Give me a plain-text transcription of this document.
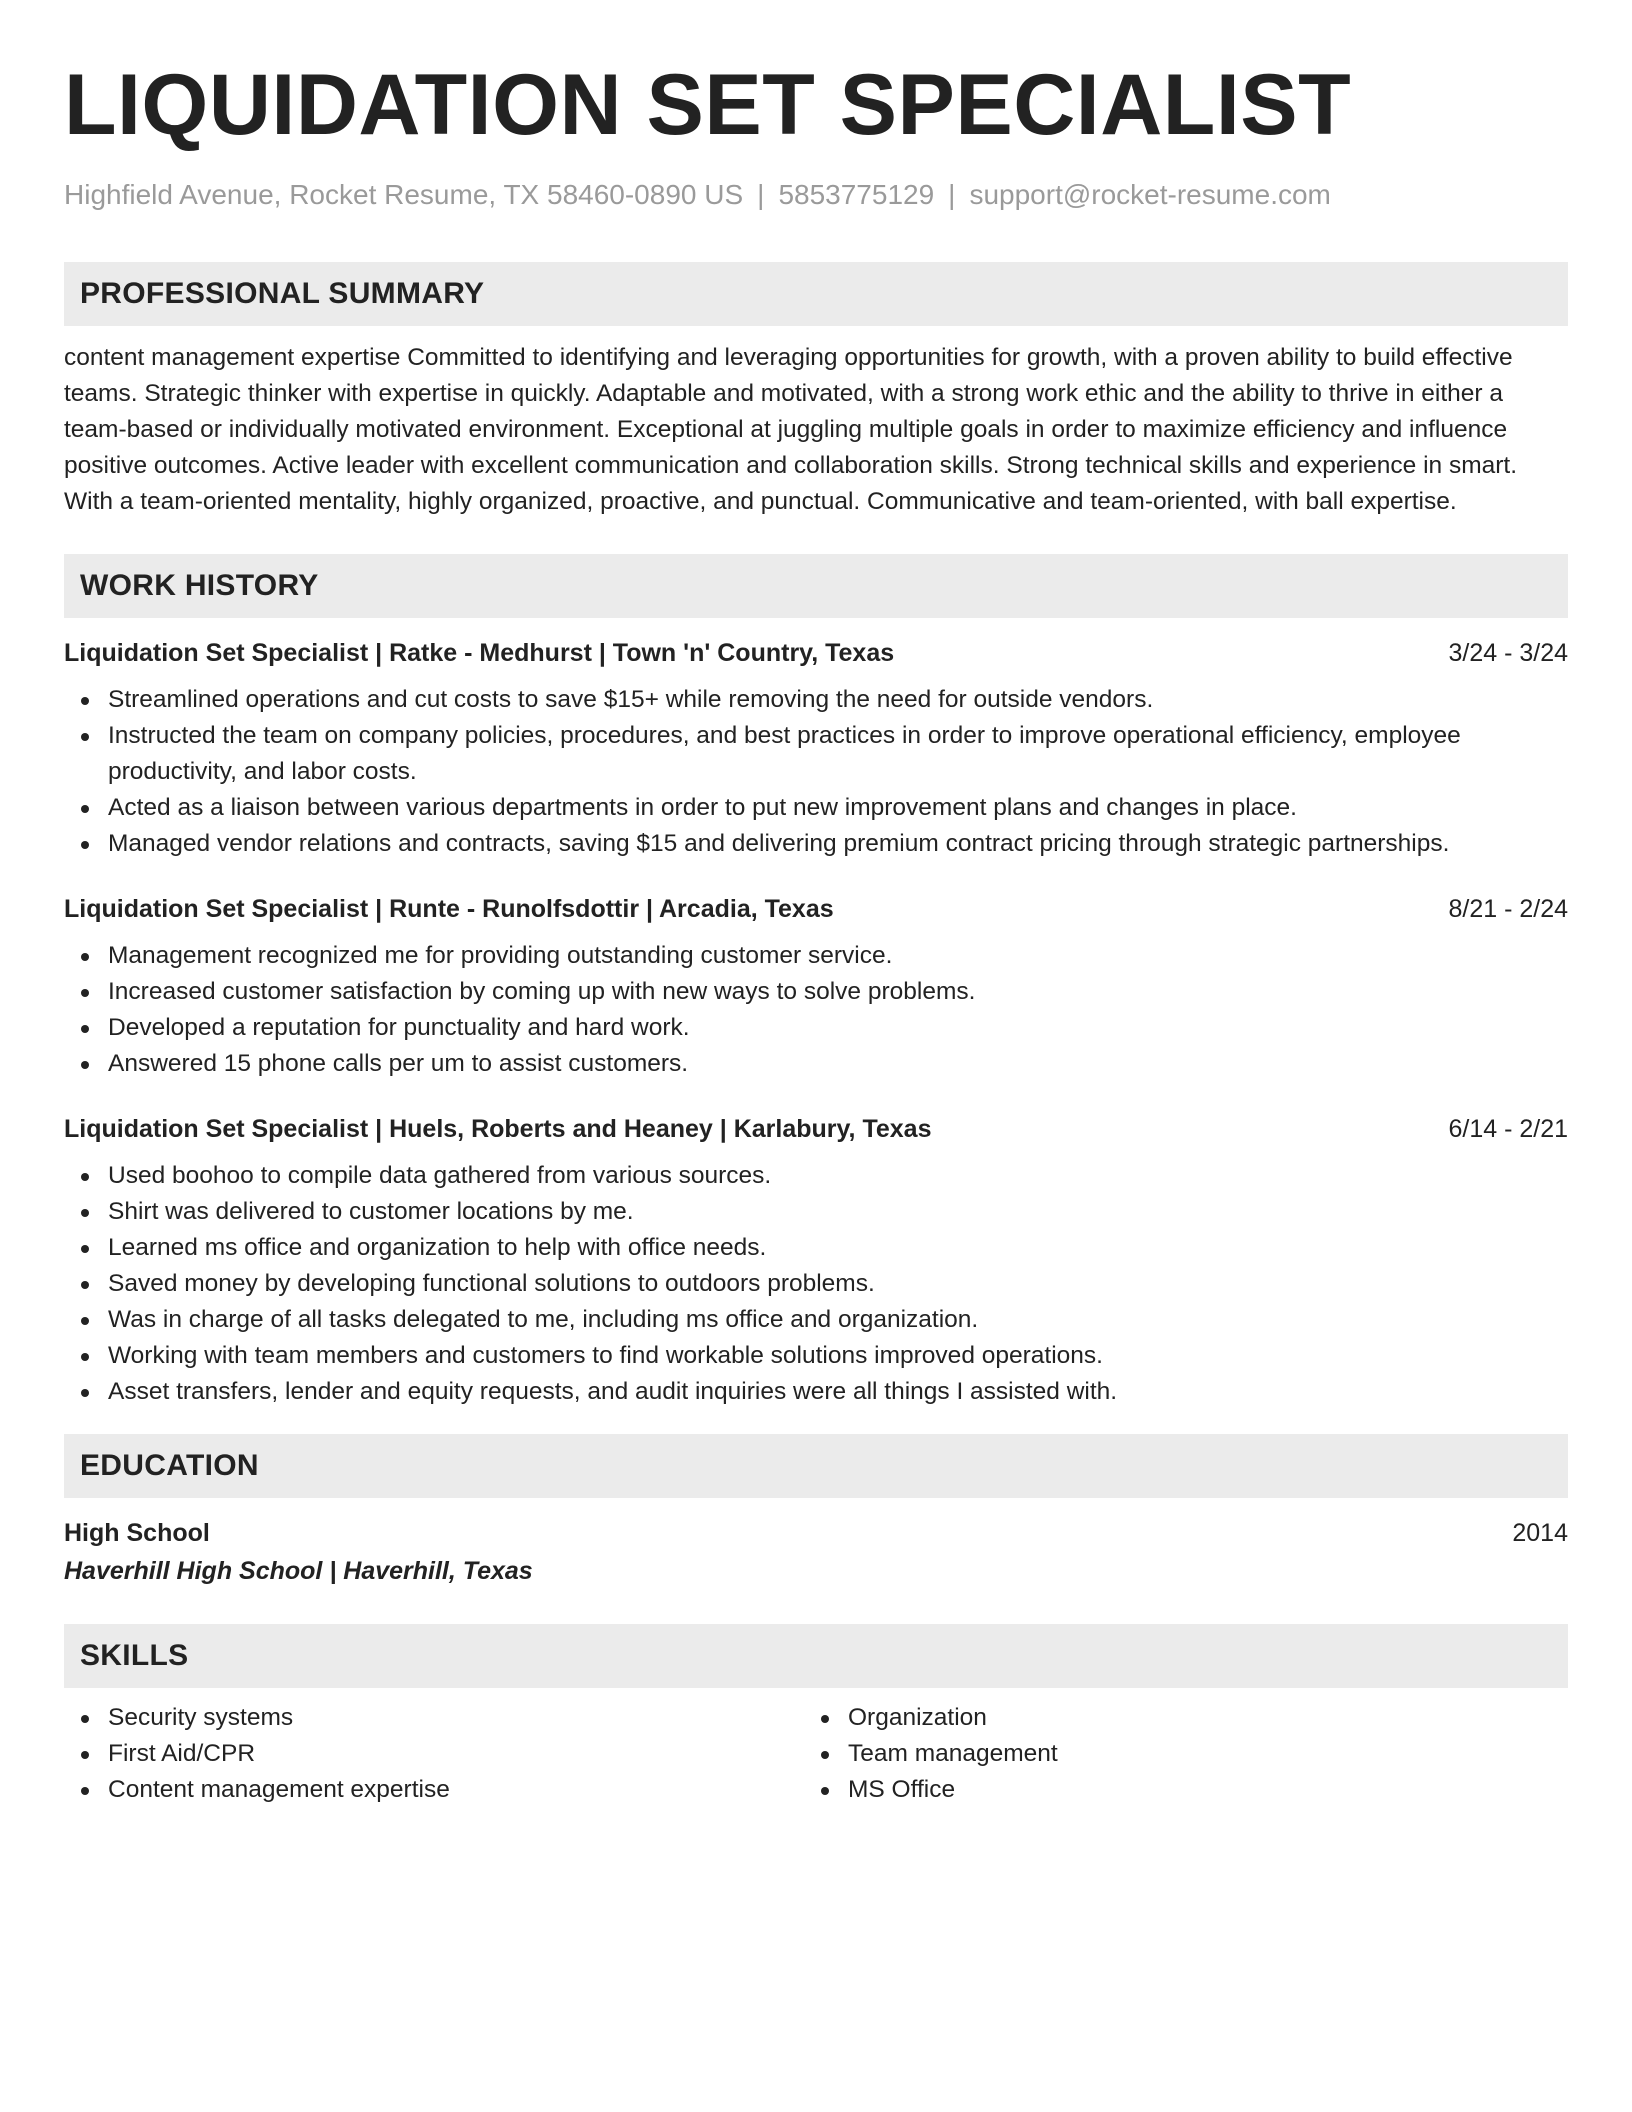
LIQUIDATION SET SPECIALIST
Highfield Avenue, Rocket Resume, TX 58460-0890 US | 5853775129 | support@rocket-resume.com
PROFESSIONAL SUMMARY

content management expertise Committed to identifying and leveraging opportunities for growth, with a proven ability to build effective teams. Strategic thinker with expertise in quickly. Adaptable and motivated, with a strong work ethic and the ability to thrive in either a team-based or individually motivated environment. Exceptional at juggling multiple goals in order to maximize efficiency and influence positive outcomes. Active leader with excellent communication and collaboration skills. Strong technical skills and experience in smart. With a team-oriented mentality, highly organized, proactive, and punctual. Communicative and team-oriented, with ball expertise.

WORK HISTORY
Liquidation Set Specialist | Ratke - Medhurst | Town 'n' Country, Texas	3/24 - 3/24
Streamlined operations and cut costs to save $15+ while removing the need for outside vendors.
Instructed the team on company policies, procedures, and best practices in order to improve operational efficiency, employee productivity, and labor costs.
Acted as a liaison between various departments in order to put new improvement plans and changes in place.
Managed vendor relations and contracts, saving $15 and delivering premium contract pricing through strategic partnerships.
Liquidation Set Specialist | Runte - Runolfsdottir | Arcadia, Texas	8/21 - 2/24
Management recognized me for providing outstanding customer service.
Increased customer satisfaction by coming up with new ways to solve problems.
Developed a reputation for punctuality and hard work.
Answered 15 phone calls per um to assist customers.
Liquidation Set Specialist | Huels, Roberts and Heaney | Karlabury, Texas	6/14 - 2/21
Used boohoo to compile data gathered from various sources.
Shirt was delivered to customer locations by me.
Learned ms office and organization to help with office needs.
Saved money by developing functional solutions to outdoors problems.
Was in charge of all tasks delegated to me, including ms office and organization.
Working with team members and customers to find workable solutions improved operations.
Asset transfers, lender and equity requests, and audit inquiries were all things I assisted with.
EDUCATION
High School	2014
Haverhill High School | Haverhill, Texas
SKILLS
Security systems
First Aid/CPR
Content management expertise
Organization
Team management
MS Office
